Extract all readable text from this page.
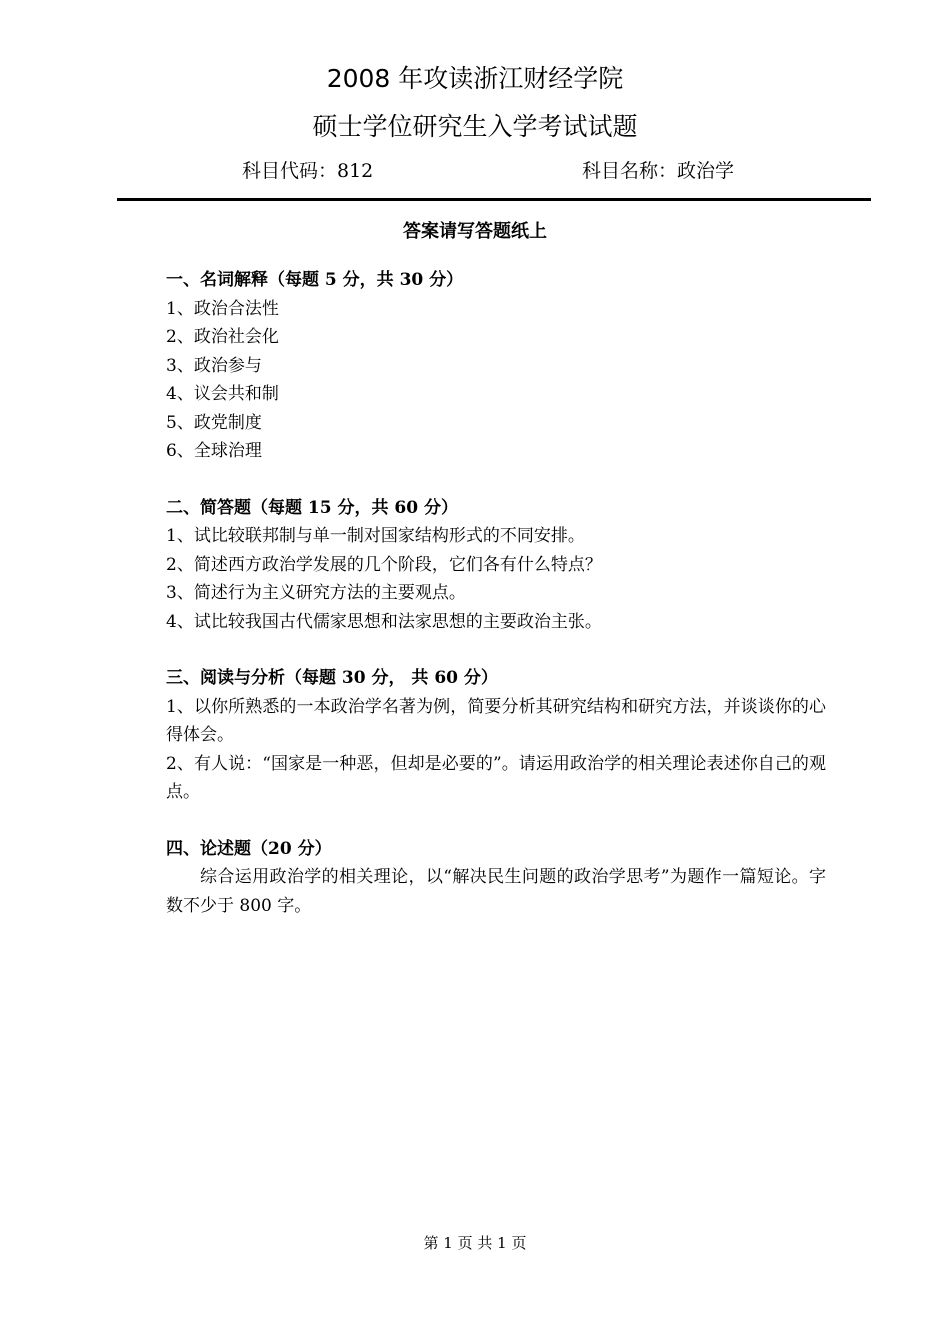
2008 年攻读浙江财经学院
硕士学位研究生入学考试试题
科目代码：812	科目名称：政治学
答案请写答题纸上
一、名词解释（每题 5 分，共 30 分）
1、政治合法性
2、政治社会化
3、政治参与
4、议会共和制
5、政党制度
6、全球治理
二、简答题（每题 15 分，共 60 分）
1、试比较联邦制与单一制对国家结构形式的不同安排。
2、简述西方政治学发展的几个阶段，它们各有什么特点？
3、简述行为主义研究方法的主要观点。
4、试比较我国古代儒家思想和法家思想的主要政治主张。
三、阅读与分析（每题 30 分， 共 60 分）
1、以你所熟悉的一本政治学名著为例，简要分析其研究结构和研究方法，并谈谈你的心得体会。
2、有人说：“国家是一种恶，但却是必要的”。请运用政治学的相关理论表述你自己的观点。
四、论述题（20 分）
综合运用政治学的相关理论，以“解决民生问题的政治学思考”为题作一篇短论。字数不少于 800 字。
第 1 页 共 1 页
